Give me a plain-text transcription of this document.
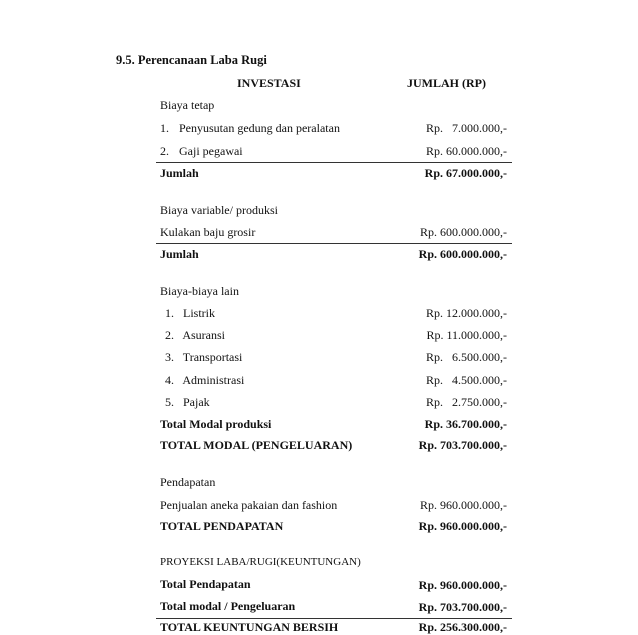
9.5. Perencanaan Laba Rugi
INVESTASI	JUMLAH (RP)
Biaya tetap
1. Penyusutan gedung dan peralatan	Rp.   7.000.000,-
2. Gaji pegawai	Rp. 60.000.000,-
Jumlah	Rp. 67.000.000,-
Biaya variable/ produksi
Kulakan baju grosir	Rp. 600.000.000,-
Jumlah	Rp. 600.000.000,-
Biaya-biaya lain
1. Listrik	Rp. 12.000.000,-
2. Asuransi	Rp. 11.000.000,-
3. Transportasi	Rp.   6.500.000,-
4. Administrasi	Rp.   4.500.000,-
5. Pajak	Rp.   2.750.000,-
Total Modal produksi	Rp. 36.700.000,-
TOTAL MODAL (PENGELUARAN)	Rp. 703.700.000,-
Pendapatan
Penjualan aneka pakaian dan fashion	Rp. 960.000.000,-
TOTAL PENDAPATAN	Rp. 960.000.000,-
PROYEKSI LABA/RUGI(KEUNTUNGAN)
Total Pendapatan	Rp. 960.000.000,-
Total modal / Pengeluaran	Rp. 703.700.000,-
TOTAL KEUNTUNGAN BERSIH	Rp. 256.300.000,-
